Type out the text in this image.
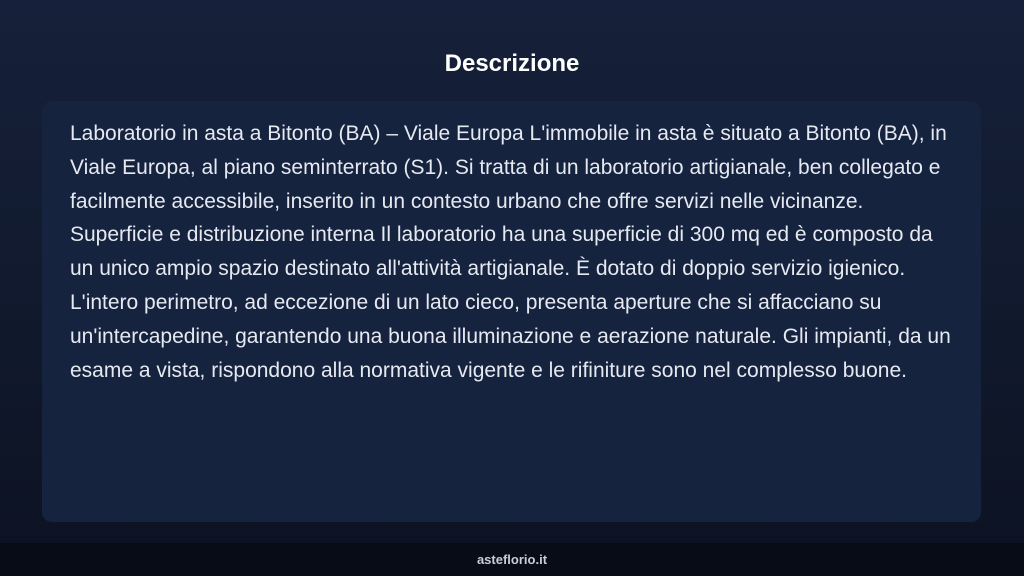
Descrizione

Laboratorio in asta a Bitonto (BA) – Viale Europa L'immobile in asta è situato a Bitonto (BA), in Viale Europa, al piano seminterrato (S1). Si tratta di un laboratorio artigianale, ben collegato e facilmente accessibile, inserito in un contesto urbano che offre servizi nelle vicinanze. Superficie e distribuzione interna Il laboratorio ha una superficie di 300 mq ed è composto da un unico ampio spazio destinato all'attività artigianale. È dotato di doppio servizio igienico. L'intero perimetro, ad eccezione di un lato cieco, presenta aperture che si affacciano su un'intercapedine, garantendo una buona illuminazione e aerazione naturale. Gli impianti, da un esame a vista, rispondono alla normativa vigente e le rifiniture sono nel complesso buone.

asteflorio.it
